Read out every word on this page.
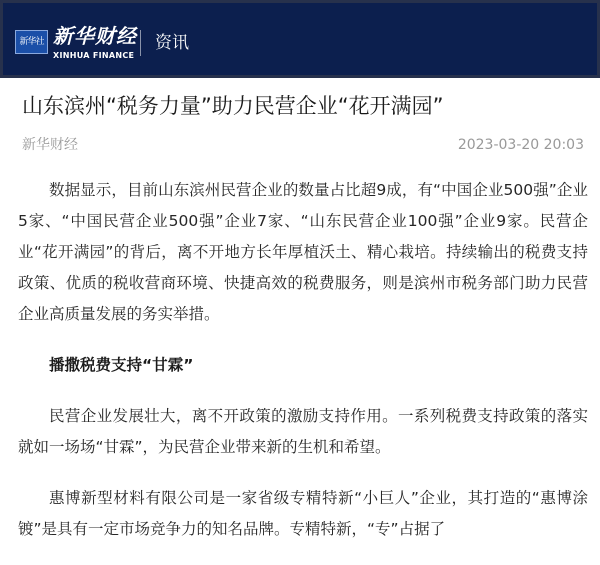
新华社 新华财经
XINHUA FINANCE
资讯
山东滨州“税务力量”助力民营企业“花开满园”
新华财经	2023-03-20 20:03

数据显示，目前山东滨州民营企业的数量占比超9成，有“中国企业500强”企业5家、“中国民营企业500强”企业7家、“山东民营企业100强”企业9家。民营企业“花开满园”的背后，离不开地方长年厚植沃土、精心栽培。持续输出的税费支持政策、优质的税收营商环境、快捷高效的税费服务，则是滨州市税务部门助力民营企业高质量发展的务实举措。

播撒税费支持“甘霖”

民营企业发展壮大，离不开政策的激励支持作用。一系列税费支持政策的落实就如一场场“甘霖”，为民营企业带来新的生机和希望。

惠博新型材料有限公司是一家省级专精特新“小巨人”企业，其打造的“惠博涂镀”是具有一定市场竞争力的知名品牌。专精特新，“专”占据了
